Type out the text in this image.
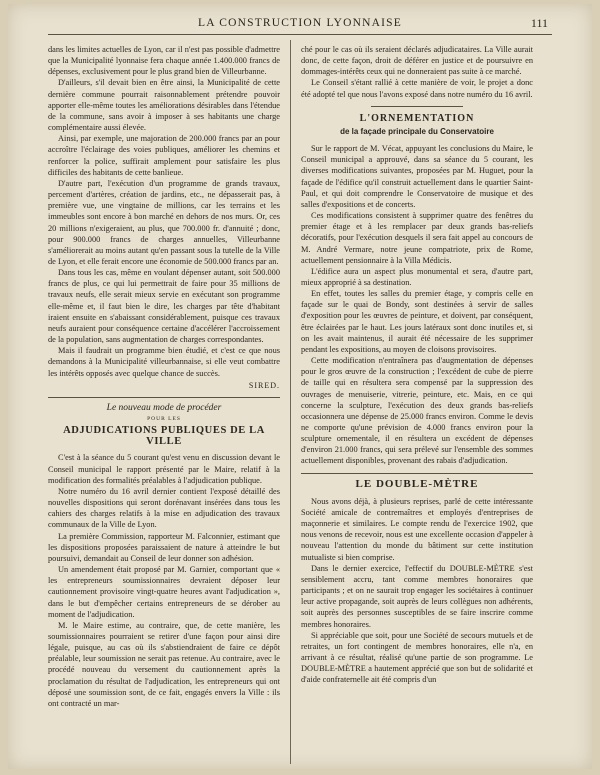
LA CONSTRUCTION LYONNAISE	111

dans les limites actuelles de Lyon, car il n'est pas possible d'admettre que la Municipalité lyonnaise fera chaque année 1.400.000 francs de dépenses, exclusivement pour le plus grand bien de Villeurbanne.

D'ailleurs, s'il devait bien en être ainsi, la Municipalité de cette dernière commune pourrait raisonnablement prétendre pouvoir apporter elle-même toutes les améliorations désirables dans l'étendue de la commune, sans avoir à imposer à ses habitants une charge complémentaire aussi élevée.

Ainsi, par exemple, une majoration de 200.000 francs par an pour accroître l'éclairage des voies publiques, améliorer les chemins et renforcer la police, suffirait amplement pour satisfaire les plus difficiles des habitants de cette banlieue.

D'autre part, l'exécution d'un programme de grands travaux, percement d'artères, création de jardins, etc., ne dépasserait pas, à première vue, une vingtaine de millions, car les terrains et les immeubles sont encore à bon marché en dehors de nos murs. Or, ces 20 millions n'exigeraient, au plus, que 700.000 fr. d'annuité ; donc, pour 900.000 francs de charges annuelles, Villeurbanne s'améliorerait au moins autant qu'en passant sous la tutelle de la Ville de Lyon, et elle ferait encore une économie de 500.000 francs par an.

Dans tous les cas, même en voulant dépenser autant, soit 500.000 francs de plus, ce qui lui permettrait de faire pour 35 millions de travaux neufs, elle serait mieux servie en exécutant son programme elle-même et, il faut bien le dire, les charges par tête d'habitant iraient ensuite en s'abaissant considérablement, puisque ces travaux neufs auraient pour conséquence certaine d'accélérer l'accroissement de la population, sans augmentation de charges correspondantes.

Mais il faudrait un programme bien étudié, et c'est ce que nous demandons à la Municipalité villeurbannaise, si elle veut combattre les intérêts opposés avec quelque chance de succès.

SIRED.
Le nouveau mode de procéder
POUR LES
ADJUDICATIONS PUBLIQUES DE LA VILLE

C'est à la séance du 5 courant qu'est venu en discussion devant le Conseil municipal le rapport présenté par le Maire, relatif à la modification des formalités préalables à l'adjudication publique.

Notre numéro du 16 avril dernier contient l'exposé détaillé des nouvelles dispositions qui seront dorénavant insérées dans tous les cahiers des charges relatifs à la mise en adjudication des travaux communaux de la Ville de Lyon.

La première Commission, rapporteur M. Falconnier, estimant que les dispositions proposées paraissaient de nature à atteindre le but poursuivi, demandait au Conseil de leur donner son adhésion.

Un amendement était proposé par M. Garnier, comportant que « les entrepreneurs soumissionnaires devraient déposer leur cautionnement provisoire vingt-quatre heures avant l'adjudication », dans le but d'empêcher certains entrepreneurs de se dérober au moment de l'adjudication.

M. le Maire estime, au contraire, que, de cette manière, les soumissionnaires pourraient se retirer d'une façon pour ainsi dire légale, puisque, au cas où ils s'abstiendraient de faire ce dépôt préalable, leur soumission ne serait pas retenue. Au contraire, avec le procédé nouveau du versement du cautionnement après la proclamation du résultat de l'adjudication, les entrepreneurs qui ont déposé une soumission sont, de ce fait, engagés envers la Ville : ils ont contracté un mar-

ché pour le cas où ils seraient déclarés adjudicataires. La Ville aurait donc, de cette façon, droit de déférer en justice et de poursuivre en dommages-intérêts ceux qui ne donneraient pas suite à ce marché.

Le Conseil s'étant rallié à cette manière de voir, le projet a donc été adopté tel que nous l'avons exposé dans notre numéro du 16 avril.

L'ORNEMENTATION
de la façade principale du Conservatoire

Sur le rapport de M. Vécat, appuyant les conclusions du Maire, le Conseil municipal a approuvé, dans sa séance du 5 courant, les diverses modifications suivantes, proposées par M. Huguet, pour la façade de l'édifice qu'il construit actuellement dans le quartier Saint-Paul, et qui doit comprendre le Conservatoire de musique et des salles d'expositions et de concerts.

Ces modifications consistent à supprimer quatre des fenêtres du premier étage et à les remplacer par deux grands bas-reliefs décoratifs, pour l'exécution desquels il sera fait appel au concours de M. André Vermare, notre jeune compatriote, prix de Rome, actuellement pensionnaire à la Villa Médicis.

L'édifice aura un aspect plus monumental et sera, d'autre part, mieux approprié à sa destination.

En effet, toutes les salles du premier étage, y compris celle en façade sur le quai de Bondy, sont destinées à servir de salles d'exposition pour les œuvres de peinture, et doivent, par conséquent, être éclairées par le haut. Les jours latéraux sont donc inutiles et, si on les avait maintenus, il aurait été nécessaire de les supprimer pendant les expositions, au moyen de cloisons provisoires.

Cette modification n'entraînera pas d'augmentation de dépenses pour le gros œuvre de la construction ; l'excédent de cube de pierre de taille qui en résultera sera compensé par la suppression des ouvrages de menuiserie, vitrerie, peinture, etc. Mais, en ce qui concerne la sculpture, l'exécution des deux grands bas-reliefs occasionnera une dépense de 25.000 francs environ. Comme le devis ne comporte qu'une prévision de 4.000 francs environ pour la sculpture ornementale, il en résultera un excédent de dépenses d'environ 21.000 francs, qui sera prélevé sur l'ensemble des sommes actuellement disponibles, provenant des rabais d'adjudication.

LE DOUBLE-MÈTRE

Nous avons déjà, à plusieurs reprises, parlé de cette intéressante Société amicale de contremaîtres et employés d'entreprises de maçonnerie et similaires. Le compte rendu de l'exercice 1902, que nous venons de recevoir, nous est une excellente occasion d'appeler à nouveau l'attention du monde du bâtiment sur cette institution mutualiste si bien comprise.

Dans le dernier exercice, l'effectif du DOUBLE-MÈTRE s'est sensiblement accru, tant comme membres honoraires que participants ; et on ne saurait trop engager les sociétaires à continuer leur active propagande, soit auprès de leurs collègues non adhérents, soit auprès des personnes susceptibles de se faire inscrire comme membres honoraires.

Si appréciable que soit, pour une Société de secours mutuels et de retraites, un fort contingent de membres honoraires, elle n'a, en arrivant à ce résultat, réalisé qu'une partie de son programme. Le DOUBLE-MÈTRE a hautement apprécié que son but de solidarité et d'aide confraternelle ait été compris d'un
